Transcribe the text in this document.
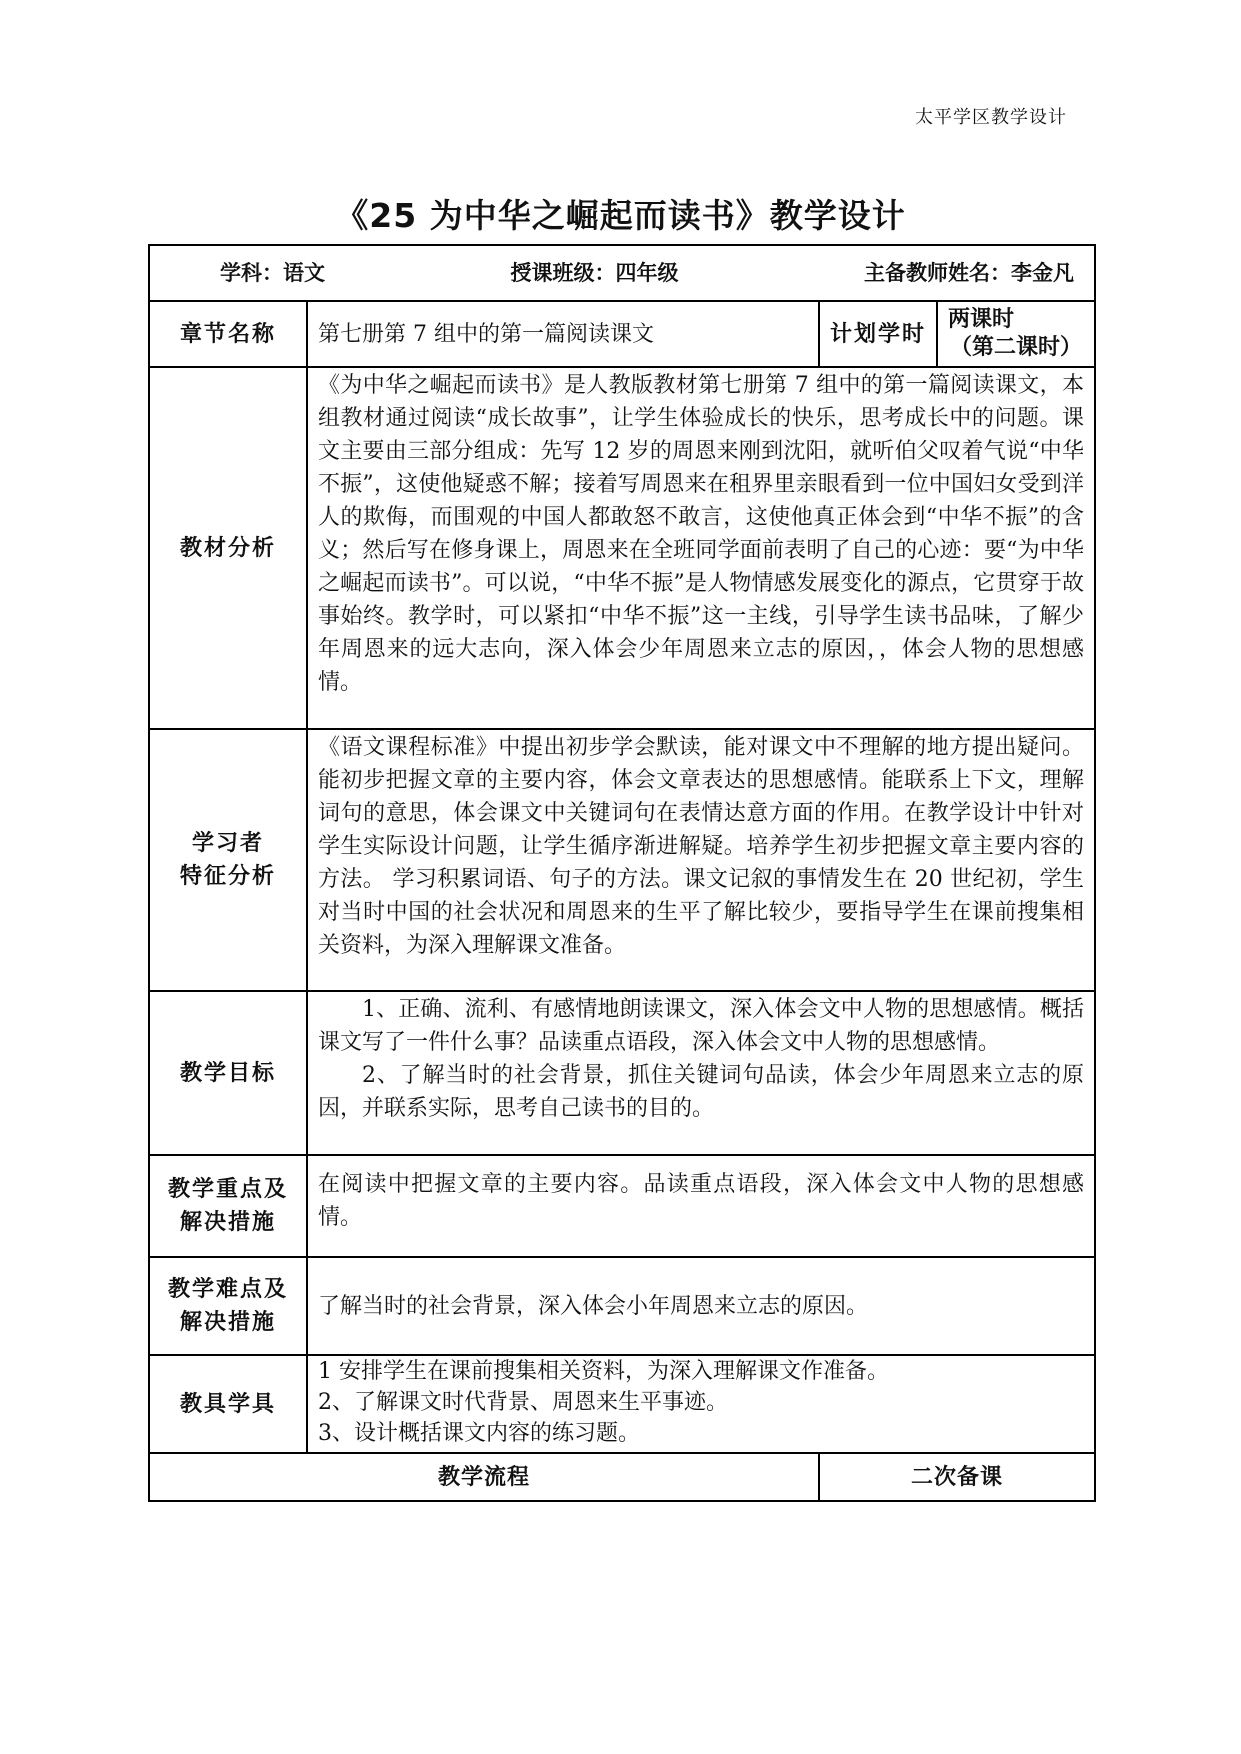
太平学区教学设计
《25 为中华之崛起而读书》教学设计
学科：语文 授课班级：四年级 主备教师姓名：李金凡			

章节名称	第七册第 7 组中的第一篇阅读课文	计划学时	两课时
（第二课时）

教材分析	《为中华之崛起而读书》是人教版教材第七册第 7 组中的第一篇阅读课文，本组教材通过阅读“成长故事”，让学生体验成长的快乐，思考成长中的问题。课文主要由三部分组成：先写 12 岁的周恩来刚到沈阳，就听伯父叹着气说“中华不振”，这使他疑惑不解；接着写周恩来在租界里亲眼看到一位中国妇女受到洋人的欺侮，而围观的中国人都敢怒不敢言，这使他真正体会到“中华不振”的含义；然后写在修身课上，周恩来在全班同学面前表明了自己的心迹：要“为中华之崛起而读书”。可以说，“中华不振”是人物情感发展变化的源点，它贯穿于故事始终。教学时，可以紧扣“中华不振”这一主线，引导学生读书品味，了解少年周恩来的远大志向，深入体会少年周恩来立志的原因，，体会人物的思想感情。		

学习者
特征分析	《语文课程标准》中提出初步学会默读，能对课文中不理解的地方提出疑问。能初步把握文章的主要内容，体会文章表达的思想感情。能联系上下文，理解词句的意思，体会课文中关键词句在表情达意方面的作用。在教学设计中针对学生实际设计问题，让学生循序渐进解疑。培养学生初步把握文章主要内容的方法。 学习积累词语、句子的方法。课文记叙的事情发生在 20 世纪初，学生对当时中国的社会状况和周恩来的生平了解比较少，要指导学生在课前搜集相关资料，为深入理解课文准备。		

教学目标	1、正确、流利、有感情地朗读课文，深入体会文中人物的思想感情。概括课文写了一件什么事？品读重点语段，深入体会文中人物的思想感情。

2、了解当时的社会背景，抓住关键词句品读，体会少年周恩来立志的原因，并联系实际，思考自己读书的目的。		

教学重点及
解决措施	在阅读中把握文章的主要内容。品读重点语段，深入体会文中人物的思想感情。		

教学难点及
解决措施	了解当时的社会背景，深入体会小年周恩来立志的原因。		

教具学具	1 安排学生在课前搜集相关资料，为深入理解课文作准备。

2、了解课文时代背景、周恩来生平事迹。

3、设计概括课文内容的练习题。		

教学流程		二次备课	
